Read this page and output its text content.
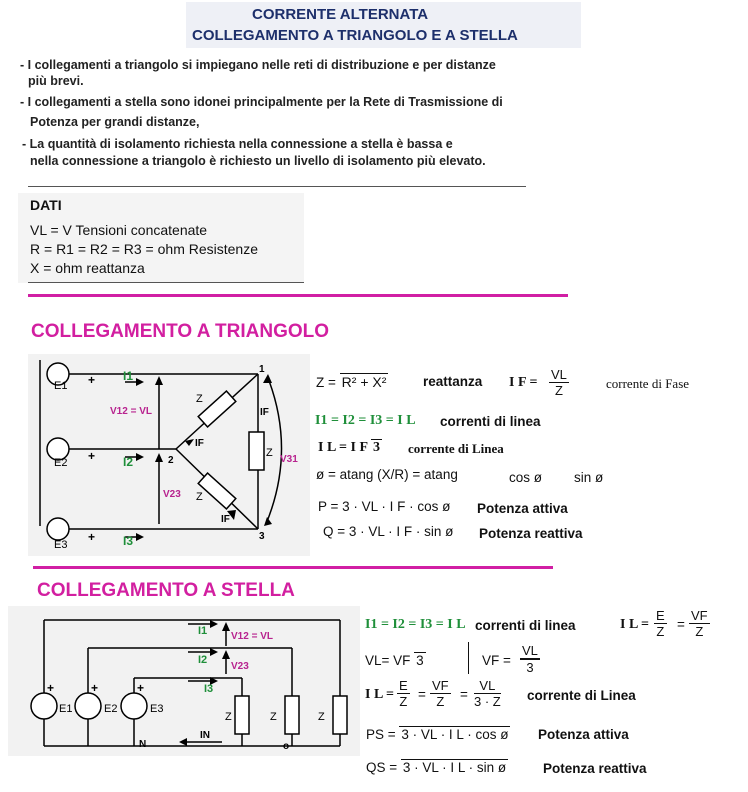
CORRENTE ALTERNATA
COLLEGAMENTO A TRIANGOLO E A STELLA
- I collegamenti a triangolo si impiegano nelle reti di distribuzione e per distanze
più brevi.
- I collegamenti a stella sono idonei principalmente per la Rete di Trasmissione di
Potenza per grandi distanze,
- La quantità di isolamento richiesta nella connessione a stella è bassa e
nella connessione a triangolo è richiesto un livello di isolamento più elevato.
DATI
VL = V Tensioni concatenate
R = R1 = R2 = R3 = ohm Resistenze
X = ohm reattanza
COLLEGAMENTO A TRIANGOLO
E1
E2
E3
+
+
+
I1
I2
I3
V12 = VL
V23
V31
IF
IF
IF
Z
Z
Z
1
2
3
Z = R² + X²	reattanza I $F = \frac{VL}{Z}$	corrente di Fase
I1 = I2 = I3 = I L correnti di linea
I L = I F 3 corrente di Linea
ø = atang (X/R) = atang	cos ø sin ø
P = 3 · VL · I F · cos ø Potenza attiva
Q = 3 · VL · I F · sin ø Potenza reattiva
COLLEGAMENTO A STELLA
E1	E2	E3
+	+	+
I1
I2
I3
V12 = VL
V23
IN
N	o
Z	Z	Z
I1 = I2 = I3 = I L correnti di linea	I $L = \frac{E}{Z} = \frac{VF}{Z}$
VL= VF 3	VF = $\frac{VL}{3}$
I $L = \frac{E}{Z} = \frac{VF}{Z} = \frac{VL}{3 \cdot Z}$ corrente di Linea
PS = 3 · VL · I L · cos ø Potenza attiva
QS = 3 · VL · I L · sin ø	Potenza reattiva
